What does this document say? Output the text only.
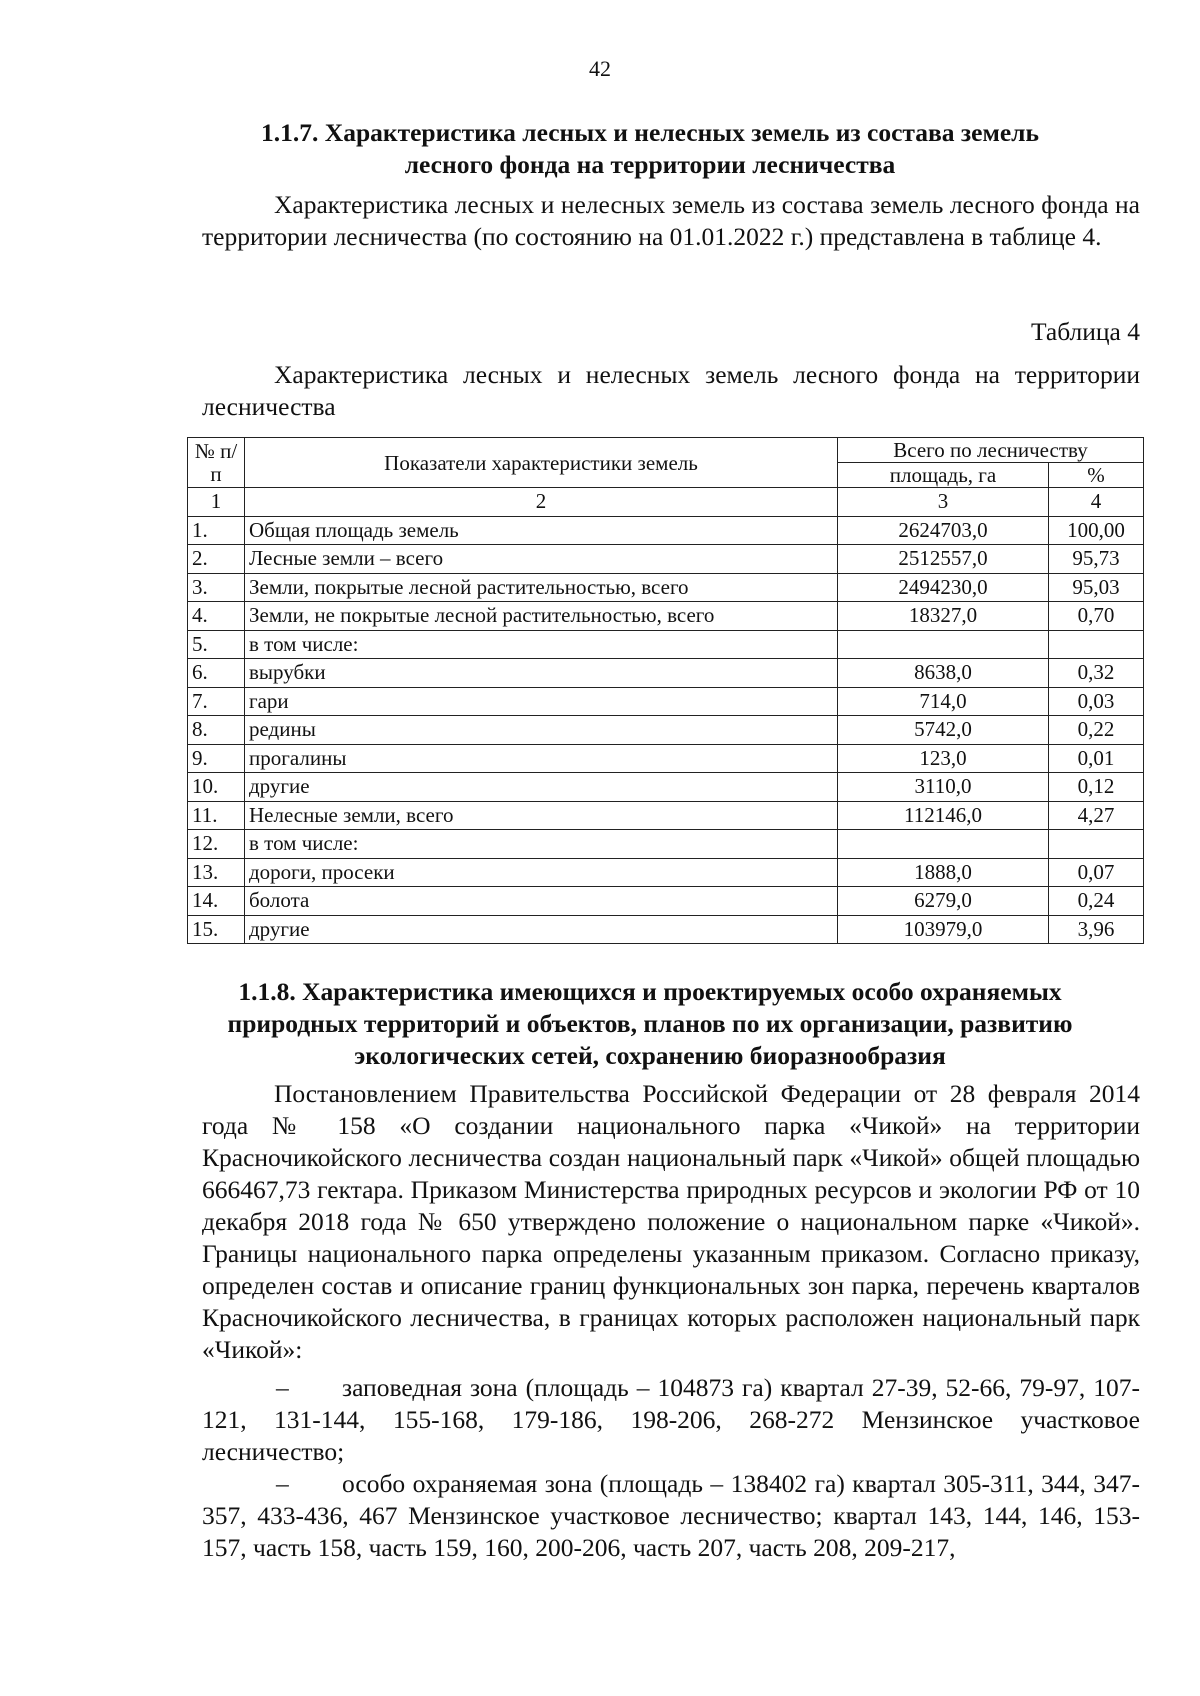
42
1.1.7. Характеристика лесных и нелесных земель из состава земель
лесного фонда на территории лесничества

Характеристика лесных и нелесных земель из состава земель лесного фонда на территории лесничества (по состоянию на 01.01.2022 г.) представлена в таблице 4.

Таблица 4

Характеристика лесных и нелесных земель лесного фонда на территории лесничества

№ п/п	Показатели характеристики земель	Всего по лесничеству	
		площадь, га	%
1	2	3	4
1.	Общая площадь земель	2624703,0	100,00
2.	Лесные земли – всего	2512557,0	95,73
3.	Земли, покрытые лесной растительностью, всего	2494230,0	95,03
4.	Земли, не покрытые лесной растительностью, всего	18327,0	0,70
5.	в том числе:		
6.	вырубки	8638,0	0,32
7.	гари	714,0	0,03
8.	редины	5742,0	0,22
9.	прогалины	123,0	0,01
10.	другие	3110,0	0,12
11.	Нелесные земли, всего	112146,0	4,27
12.	в том числе:		
13.	дороги, просеки	1888,0	0,07
14.	болота	6279,0	0,24
15.	другие	103979,0	3,96
1.1.8. Характеристика имеющихся и проектируемых особо охраняемых
природных территорий и объектов, планов по их организации, развитию
экологических сетей, сохранению биоразнообразия

Постановлением Правительства Российской Федерации от 28 февраля 2014 года № 158 «О создании национального парка «Чикой» на территории Красночикойского лесничества создан национальный парк «Чикой» общей площадью 666467,73 гектара. Приказом Министерства природных ресурсов и экологии РФ от 10 декабря 2018 года № 650 утверждено положение о национальном парке «Чикой». Границы национального парка определены указанным приказом. Согласно приказу, определен состав и описание границ функциональных зон парка, перечень кварталов Красночикойского лесничества, в границах которых расположен национальный парк «Чикой»:

– заповедная зона (площадь – 104873 га) квартал 27-39, 52-66, 79-97, 107-121, 131-144, 155-168, 179-186, 198-206, 268-272 Мензинское участковое лесничество;

– особо охраняемая зона (площадь – 138402 га) квартал 305-311, 344, 347-357, 433-436, 467 Мензинское участковое лесничество; квартал 143, 144, 146, 153-157, часть 158, часть 159, 160, 200-206, часть 207, часть 208, 209-217,
